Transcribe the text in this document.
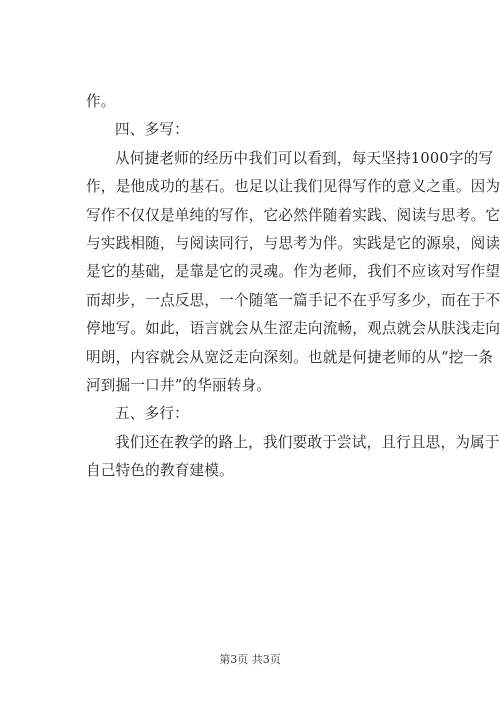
作。
四、多写：
从何捷老师的经历中我们可以看到，每天坚持1000字的写
作，是他成功的基石。也足以让我们见得写作的意义之重。因为
写作不仅仅是单纯的写作，它必然伴随着实践、阅读与思考。它
与实践相随，与阅读同行，与思考为伴。实践是它的源泉，阅读
是它的基础，是靠是它的灵魂。作为老师，我们不应该对写作望
而却步，一点反思，一个随笔一篇手记不在乎写多少，而在于不
停地写。如此，语言就会从生涩走向流畅，观点就会从肤浅走向
明朗，内容就会从宽泛走向深刻。也就是何捷老师的从“挖一条
河到掘一口井”的华丽转身。
五、多行：
我们还在教学的路上，我们要敢于尝试，且行且思，为属于
自己特色的教育建模。
第3页 共3页
